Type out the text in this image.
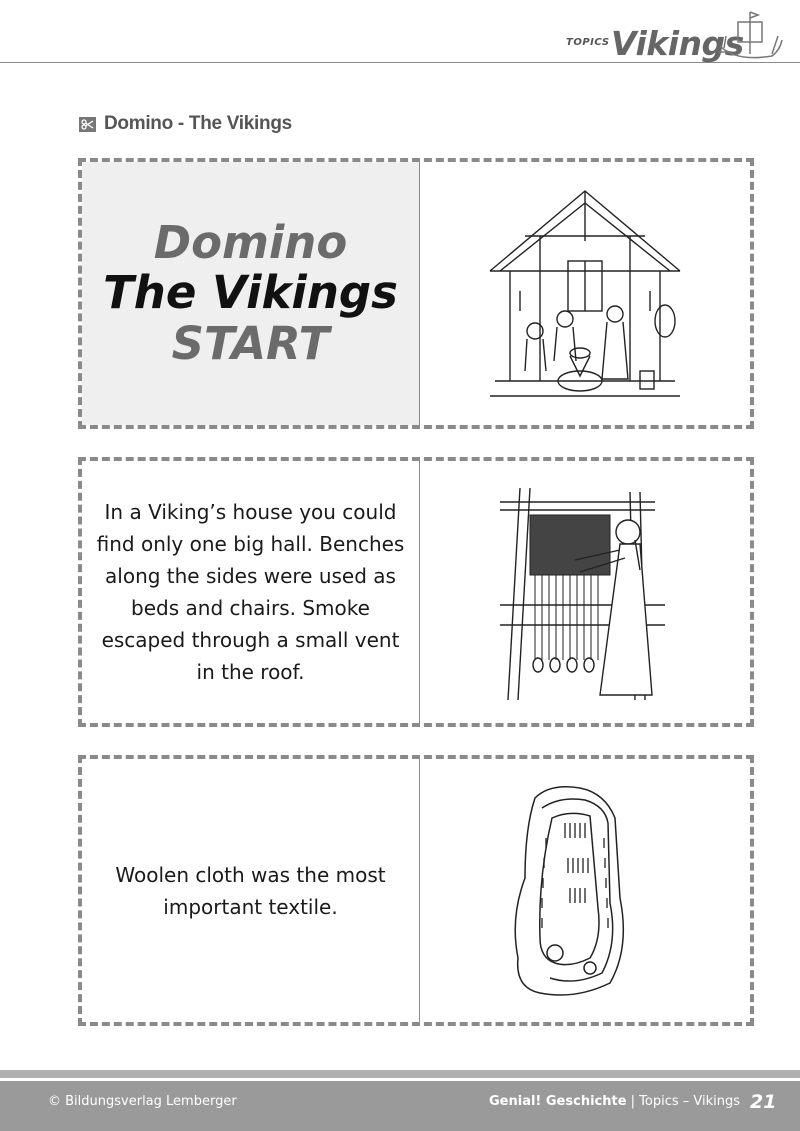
TOPICS Vikings
Domino - The Vikings
Domino
The Vikings
START

In a Viking’s house you could find only one big hall. Benches along the sides were used as beds and chairs. Smoke escaped through a small vent in the roof.

Woolen cloth was the most important textile.

© Bildungsverlag Lemberger	Genial! Geschichte | Topics – Vikings 21
